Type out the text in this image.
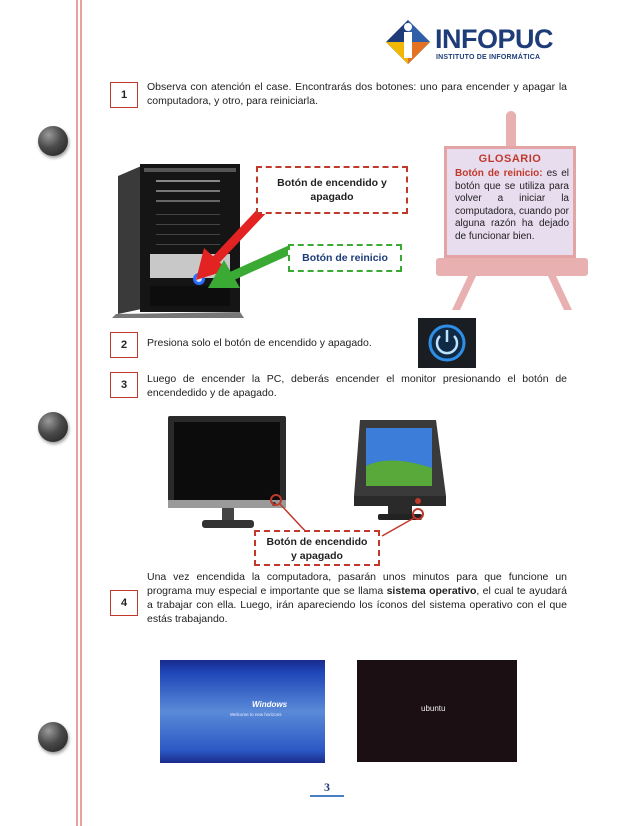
INFOPUC
INSTITUTO DE INFORMÁTICA
1
Observa con atención el case. Encontrarás dos botones: uno para encender y apagar la computadora, y otro, para reiniciarla.
Botón de encendido y
apagado
Botón de reinicio
GLOSARIO
Botón de reinicio: es el botón que se utiliza para volver a iniciar la computadora, cuando por alguna razón ha dejado de funcionar bien.
2	Presiona solo el botón de encendido y apagado.
3	Luego de encender la PC, deberás encender el monitor presionando el botón de encendedido y de apagado.
Botón de encendido
y apagado
4
Una vez encendida la computadora, pasarán unos minutos para que funcione un programa muy especial e importante que se llama sistema operativo, el cual te ayudará a trabajar con ella. Luego, irán apareciendo los íconos del sistema operativo con el que estás trabajando.
Windows
Welcome to new horizons
ubuntu
3
